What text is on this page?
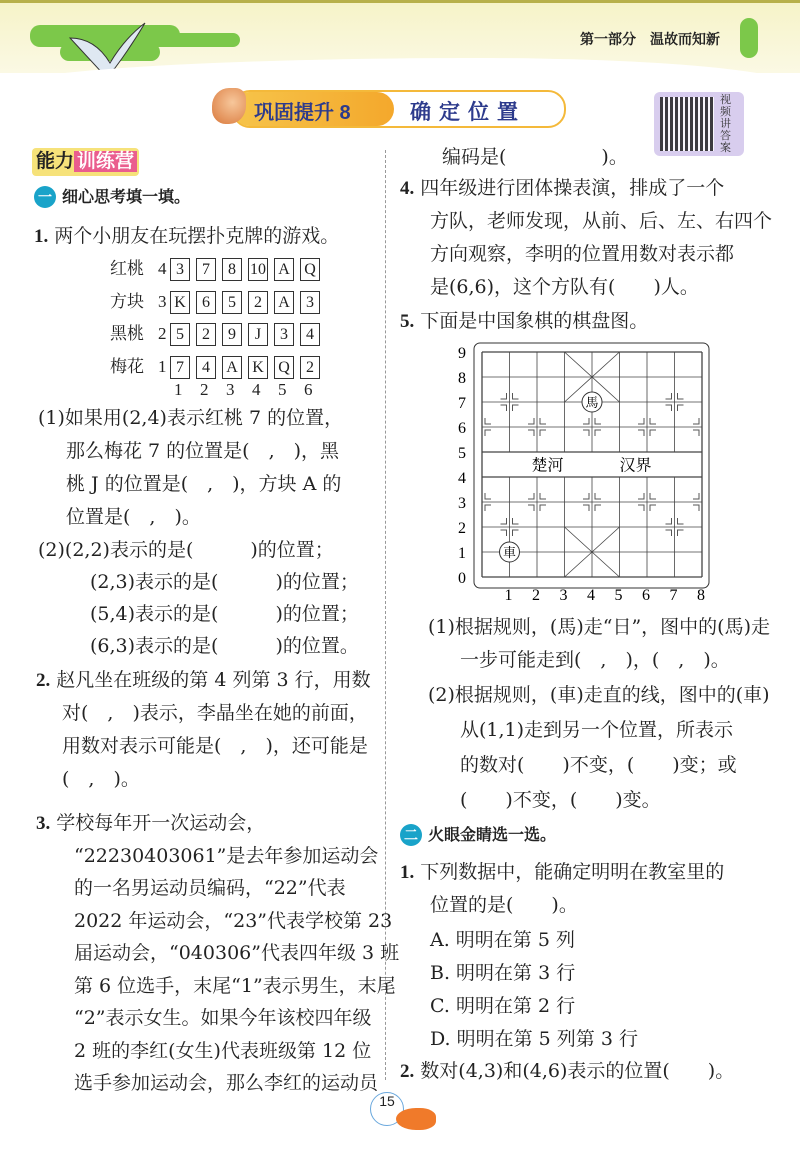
第一部分　温故而知新
巩固提升 8	确定位置
视频讲答案
能力 训练营
一 细心思考填一填。
1. 两个小朋友在玩摆扑克牌的游戏。
1 2 3 4 5 6
5. 下面是中国象棋的棋盘图。
0
1
2
3
4
5
6
7
8
9
1 2 3 4 5 6 7 8
楚河	汉界
馬
車
二 火眼金睛选一选。
2. 数对(4,3)和(4,6)表示的位置(　　)。
15
红桃 4 3 7 8 10 A Q
方块 3 K 6 5 2 A 3
黑桃 2 5 2 9 J 3 4
梅花 1 7 4 A K Q 2
(1)如果用(2,4)表示红桃 7 的位置，
那么梅花 7 的位置是(　,　)，黑
桃 J 的位置是(　,　)，方块 A 的
位置是(　,　)。
(2)(2,2)表示的是(　　　)的位置；
(2,3)表示的是(　　　)的位置；
(5,4)表示的是(　　　)的位置；
(6,3)表示的是(　　　)的位置。
2. 赵凡坐在班级的第 4 列第 3 行，用数
对(　,　)表示，李晶坐在她的前面，
用数对表示可能是(　,　)，还可能是
(　,　)。
3. 学校每年开一次运动会，
“22230403061”是去年参加运动会
的一名男运动员编码，“22”代表
2022 年运动会，“23”代表学校第 23
届运动会，“040306”代表四年级 3 班
第 6 位选手，末尾“1”表示男生，末尾
“2”表示女生。如果今年该校四年级
2 班的李红(女生)代表班级第 12 位
选手参加运动会，那么李红的运动员
编码是(　　　　　)。
4. 四年级进行团体操表演，排成了一个
方队，老师发现，从前、后、左、右四个
方向观察，李明的位置用数对表示都
是(6,6)，这个方队有(　　)人。
(1)根据规则，(馬)走“日”，图中的(馬)走
一步可能走到(　,　)，(　,　)。
(2)根据规则，(車)走直的线，图中的(車)
从(1,1)走到另一个位置，所表示
的数对(　　)不变，(　　)变；或
(　　)不变，(　　)变。
1. 下列数据中，能确定明明在教室里的
位置的是(　　)。
A. 明明在第 5 列
B. 明明在第 3 行
C. 明明在第 2 行
D. 明明在第 5 列第 3 行
